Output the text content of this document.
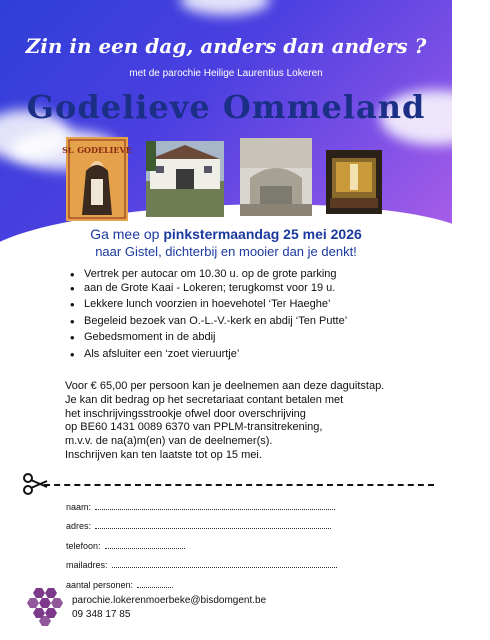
Zin in een dag, anders dan anders ?
met de parochie Heilige Laurentius Lokeren
Godelieve Ommeland
St. GODELIEVE
Ga mee op pinkstermaandag 25 mei 2026
naar Gistel, dichterbij en mooier dan je denkt!
• Vertrek per autocar om 10.30 u. op de grote parking
• aan de Grote Kaai - Lokeren; terugkomst voor 19 u.
• Lekkere lunch voorzien in hoevehotel ‘Ter Haeghe’
• Begeleid bezoek van O.-L.-V.-kerk en abdij ‘Ten Putte’
• Gebedsmoment in de abdij
• Als afsluiter een ‘zoet vieruurtje’
Voor € 65,00 per persoon kan je deelnemen aan deze daguitstap.
Je kan dit bedrag op het secretariaat contant betalen met
het inschrijvingsstrookje ofwel door overschrijving
op BE60 1431 0089 6370 van PPLM-transitrekening,
m.v.v. de na(a)m(en) van de deelnemer(s).
Inschrijven kan ten laatste tot op 15 mei.
naam:
adres:
telefoon:
mailadres:
aantal personen:
parochie.lokerenmoerbeke@bisdomgent.be
09 348 17 85
